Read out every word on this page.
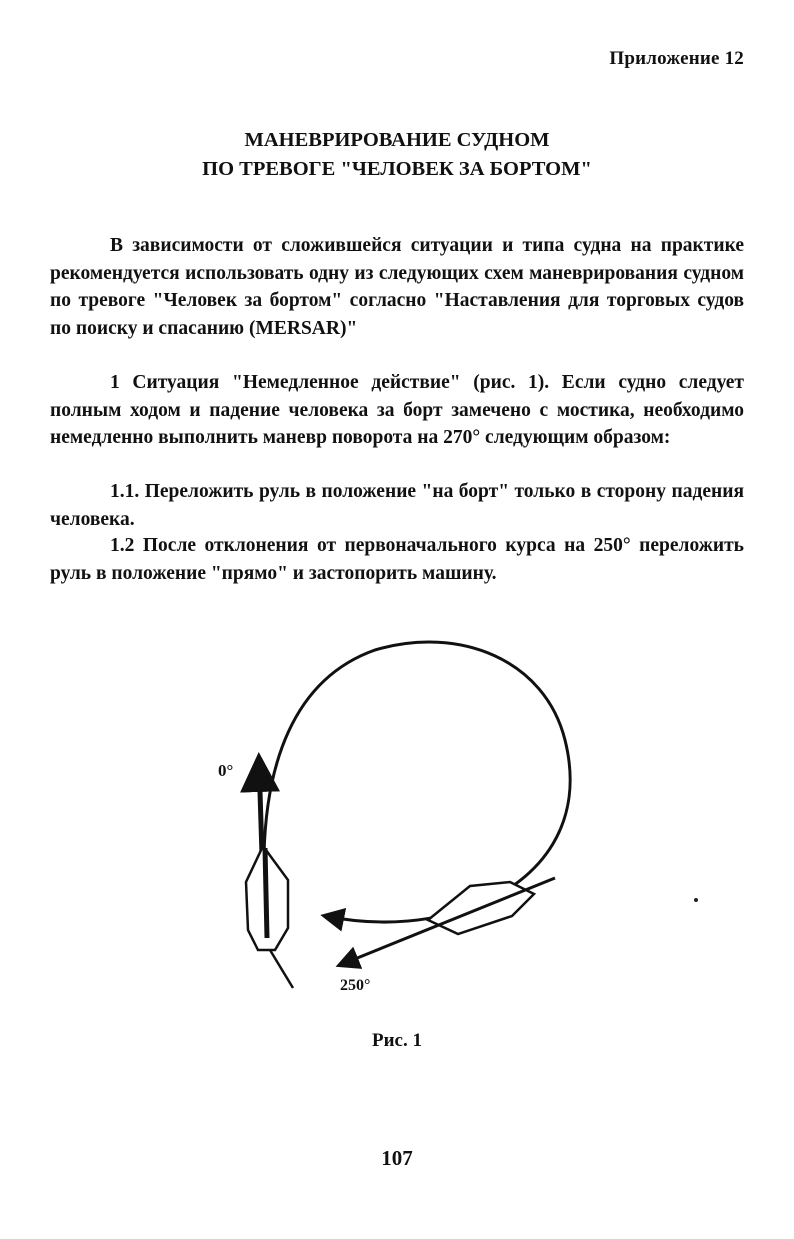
Приложение 12
МАНЕВРИРОВАНИЕ СУДНОМ
ПО ТРЕВОГЕ "ЧЕЛОВЕК ЗА БОРТОМ"

В зависимости от сложившейся ситуации и типа судна на практике рекомендуется использовать одну из следующих схем маневрирования судном по тревоге "Человек за бортом" согласно "Наставления для торговых судов по поиску и спасанию (MERSAR)"

1 Ситуация "Немедленное действие" (рис. 1). Если судно следует полным ходом и падение человека за борт замечено с мостика, необходимо немедленно выполнить маневр поворота на 270° следующим образом:

1.1. Переложить руль в положение "на борт" только в сторону падения человека.

1.2 После отклонения от первоначального курса на 250° переложить руль в положение "прямо" и застопорить машину.

0°
250°
Рис. 1
107
